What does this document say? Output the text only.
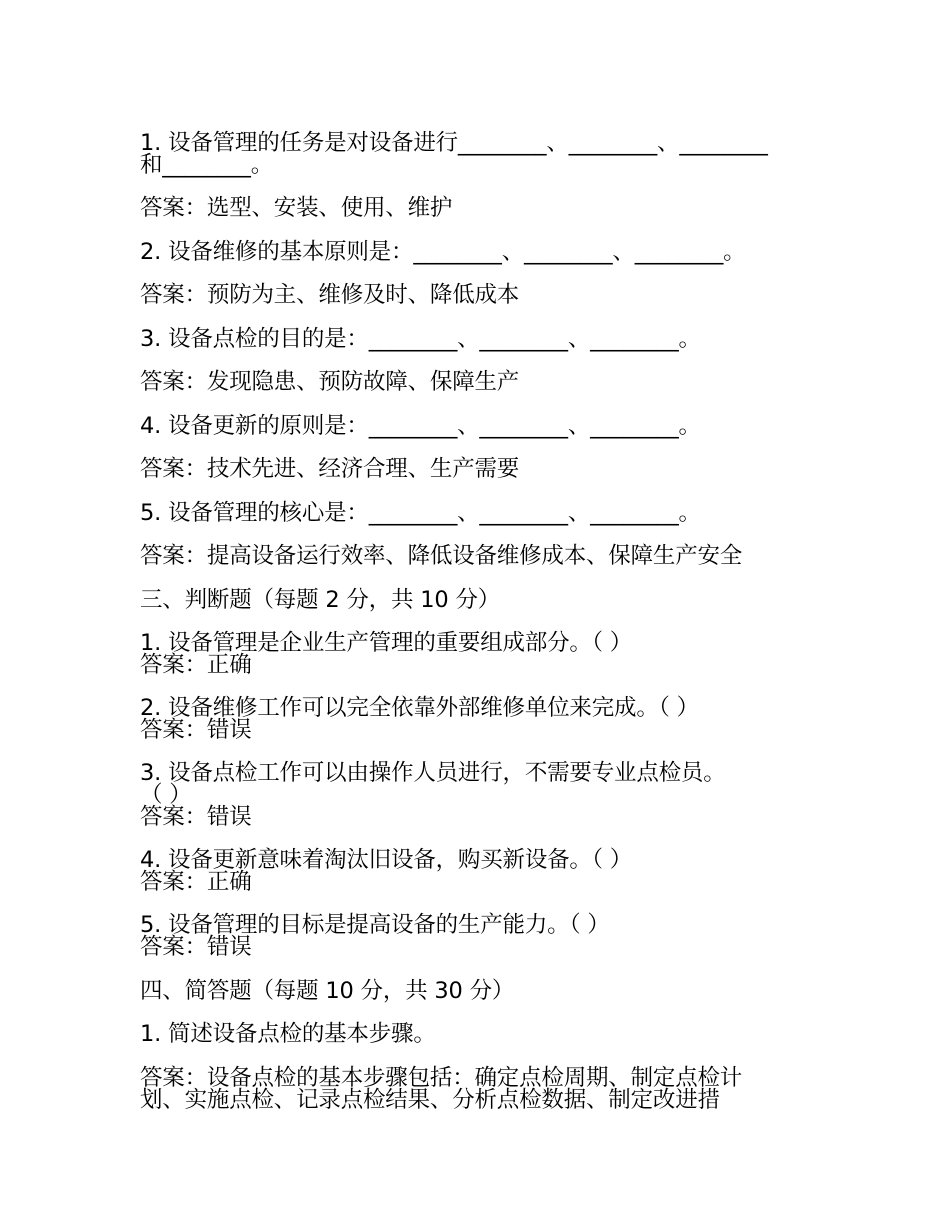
1. 设备管理的任务是对设备进行________、________、________
和________。
答案：选型、安装、使用、维护
2. 设备维修的基本原则是：________、________、________。
答案：预防为主、维修及时、降低成本
3. 设备点检的目的是：________、________、________。
答案：发现隐患、预防故障、保障生产
4. 设备更新的原则是：________、________、________。
答案：技术先进、经济合理、生产需要
5. 设备管理的核心是：________、________、________。
答案：提高设备运行效率、降低设备维修成本、保障生产安全
三、判断题（每题 2 分，共 10 分）
1. 设备管理是企业生产管理的重要组成部分。（ ）
答案：正确
2. 设备维修工作可以完全依靠外部维修单位来完成。（ ）
答案：错误
3. 设备点检工作可以由操作人员进行，不需要专业点检员。
（ ）
答案：错误
4. 设备更新意味着淘汰旧设备，购买新设备。（ ）
答案：正确
5. 设备管理的目标是提高设备的生产能力。（ ）
答案：错误
四、简答题（每题 10 分，共 30 分）
1. 简述设备点检的基本步骤。
答案：设备点检的基本步骤包括：确定点检周期、制定点检计
划、实施点检、记录点检结果、分析点检数据、制定改进措
